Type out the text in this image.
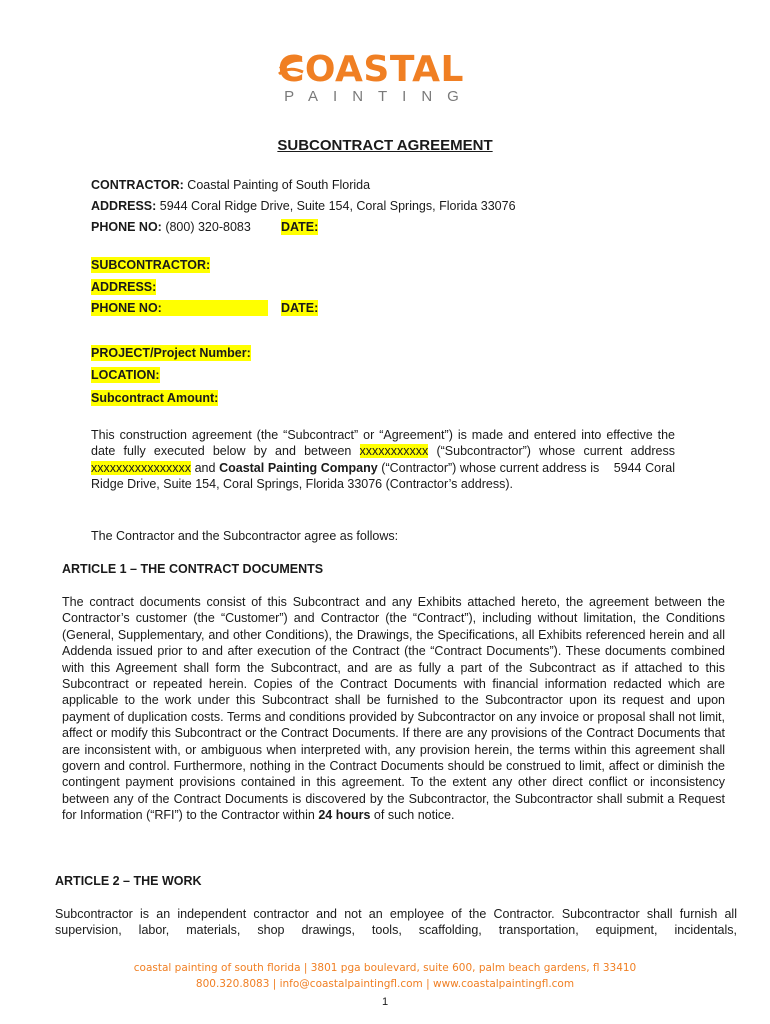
COASTAL
PAINTING
SUBCONTRACT AGREEMENT
CONTRACTOR: Coastal Painting of South Florida
ADDRESS: 5944 Coral Ridge Drive, Suite 154, Coral Springs, Florida 33076
PHONE NO: (800) 320-8083 DATE:
SUBCONTRACTOR:
ADDRESS:
PHONE NO:	DATE:
PROJECT/Project Number:
LOCATION:
Subcontract Amount:

This construction agreement (the “Subcontract” or “Agreement”) is made and entered into effective the date fully executed below by and between xxxxxxxxxxx (“Subcontractor”) whose current address xxxxxxxxxxxxxxxx and Coastal Painting Company (“Contractor”) whose current address is    5944 Coral Ridge Drive, Suite 154, Coral Springs, Florida 33076 (Contractor’s address).

The Contractor and the Subcontractor agree as follows:
ARTICLE 1 – THE CONTRACT DOCUMENTS

The contract documents consist of this Subcontract and any Exhibits attached hereto, the agreement between the Contractor’s customer (the “Customer”) and Contractor (the “Contract”), including without limitation, the Conditions (General, Supplementary, and other Conditions), the Drawings, the Specifications, all Exhibits referenced herein and all Addenda issued prior to and after execution of the Contract (the “Contract Documents”). These documents combined with this Agreement shall form the Subcontract, and are as fully a part of the Subcontract as if attached to this Subcontract or repeated herein. Copies of the Contract Documents with financial information redacted which are applicable to the work under this Subcontract shall be furnished to the Subcontractor upon its request and upon payment of duplication costs. Terms and conditions provided by Subcontractor on any invoice or proposal shall not limit, affect or modify this Subcontract or the Contract Documents. If there are any provisions of the Contract Documents that are inconsistent with, or ambiguous when interpreted with, any provision herein, the terms within this agreement shall govern and control. Furthermore, nothing in the Contract Documents should be construed to limit, affect or diminish the contingent payment provisions contained in this agreement. To the extent any other direct conflict or inconsistency between any of the Contract Documents is discovered by the Subcontractor, the Subcontractor shall submit a Request for Information (“RFI”) to the Contractor within 24 hours of such notice.

ARTICLE 2 – THE WORK

Subcontractor is an independent contractor and not an employee of the Contractor. Subcontractor shall furnish all supervision, labor, materials, shop drawings, tools, scaffolding, transportation, equipment, incidentals,

coastal painting of south florida | 3801 pga boulevard, suite 600, palm beach gardens, fl 33410
800.320.8083 | info@coastalpaintingfl.com | www.coastalpaintingfl.com
1
